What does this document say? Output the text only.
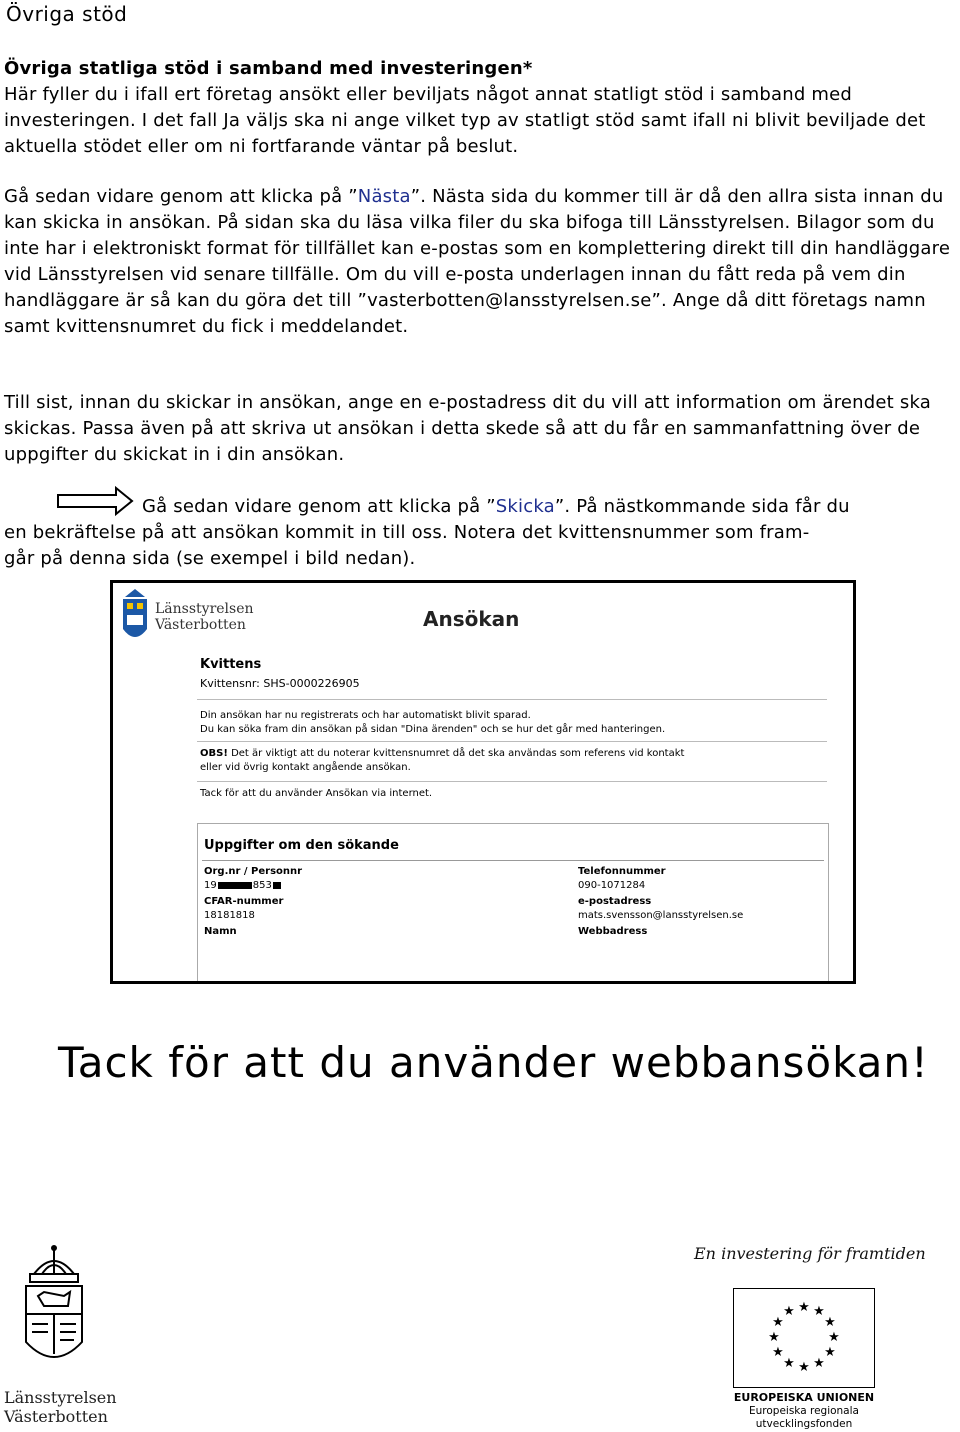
Övriga stöd

Övriga statliga stöd i samband med investeringen*
Här fyller du i ifall ert företag ansökt eller beviljats något annat statligt stöd i samband med investeringen. I det fall Ja väljs ska ni ange vilket typ av statligt stöd samt ifall ni blivit beviljade det aktuella stödet eller om ni fortfarande väntar på beslut.

Gå sedan vidare genom att klicka på ”Nästa”. Nästa sida du kommer till är då den allra sista innan du kan skicka in ansökan. På sidan ska du läsa vilka filer du ska bifoga till Länsstyrelsen. Bilagor som du inte har i elektroniskt format för tillfället kan e-postas som en komplettering direkt till din handläggare vid Länsstyrelsen vid senare tillfälle. Om du vill e-posta underlagen innan du fått reda på vem din handläggare är så kan du göra det till ”vasterbotten@lansstyrelsen.se”. Ange då ditt företags namn samt kvittensnumret du fick i meddelandet.

Till sist, innan du skickar in ansökan, ange en e-postadress dit du vill att information om ärendet ska skickas. Passa även på att skriva ut ansökan i detta skede så att du får en sammanfattning över de uppgifter du skickat in i din ansökan.

Gå sedan vidare genom att klicka på ”Skicka”. På nästkommande sida får du
en bekräftelse på att ansökan kommit in till oss. Notera det kvittensnummer som fram-
går på denna sida (se exempel i bild nedan).

Länsstyrelsen
Västerbotten	Ansökan
Kvittens
Kvittensnr: SHS-0000226905
Din ansökan har nu registrerats och har automatiskt blivit sparad.
Du kan söka fram din ansökan på sidan "Dina ärenden" och se hur det går med hanteringen.
OBS! Det är viktigt att du noterar kvittensnumret då det ska användas som referens vid kontakt
eller vid övrig kontakt angående ansökan.
Tack för att du använder Ansökan via internet.
Uppgifter om den sökande
Org.nr / Personnr
19	853
CFAR-nummer
18181818
Namn
Telefonnummer
090-1071284
e-postadress
mats.svensson@lansstyrelsen.se
Webbadress
Tack för att du använder webbansökan!
Länsstyrelsen
Västerbotten
En investering för framtiden
★ ★
★
★
★
★
★
★
★
★
★
★
EUROPEISKA UNIONEN
Europeiska regionala
utvecklingsfonden
